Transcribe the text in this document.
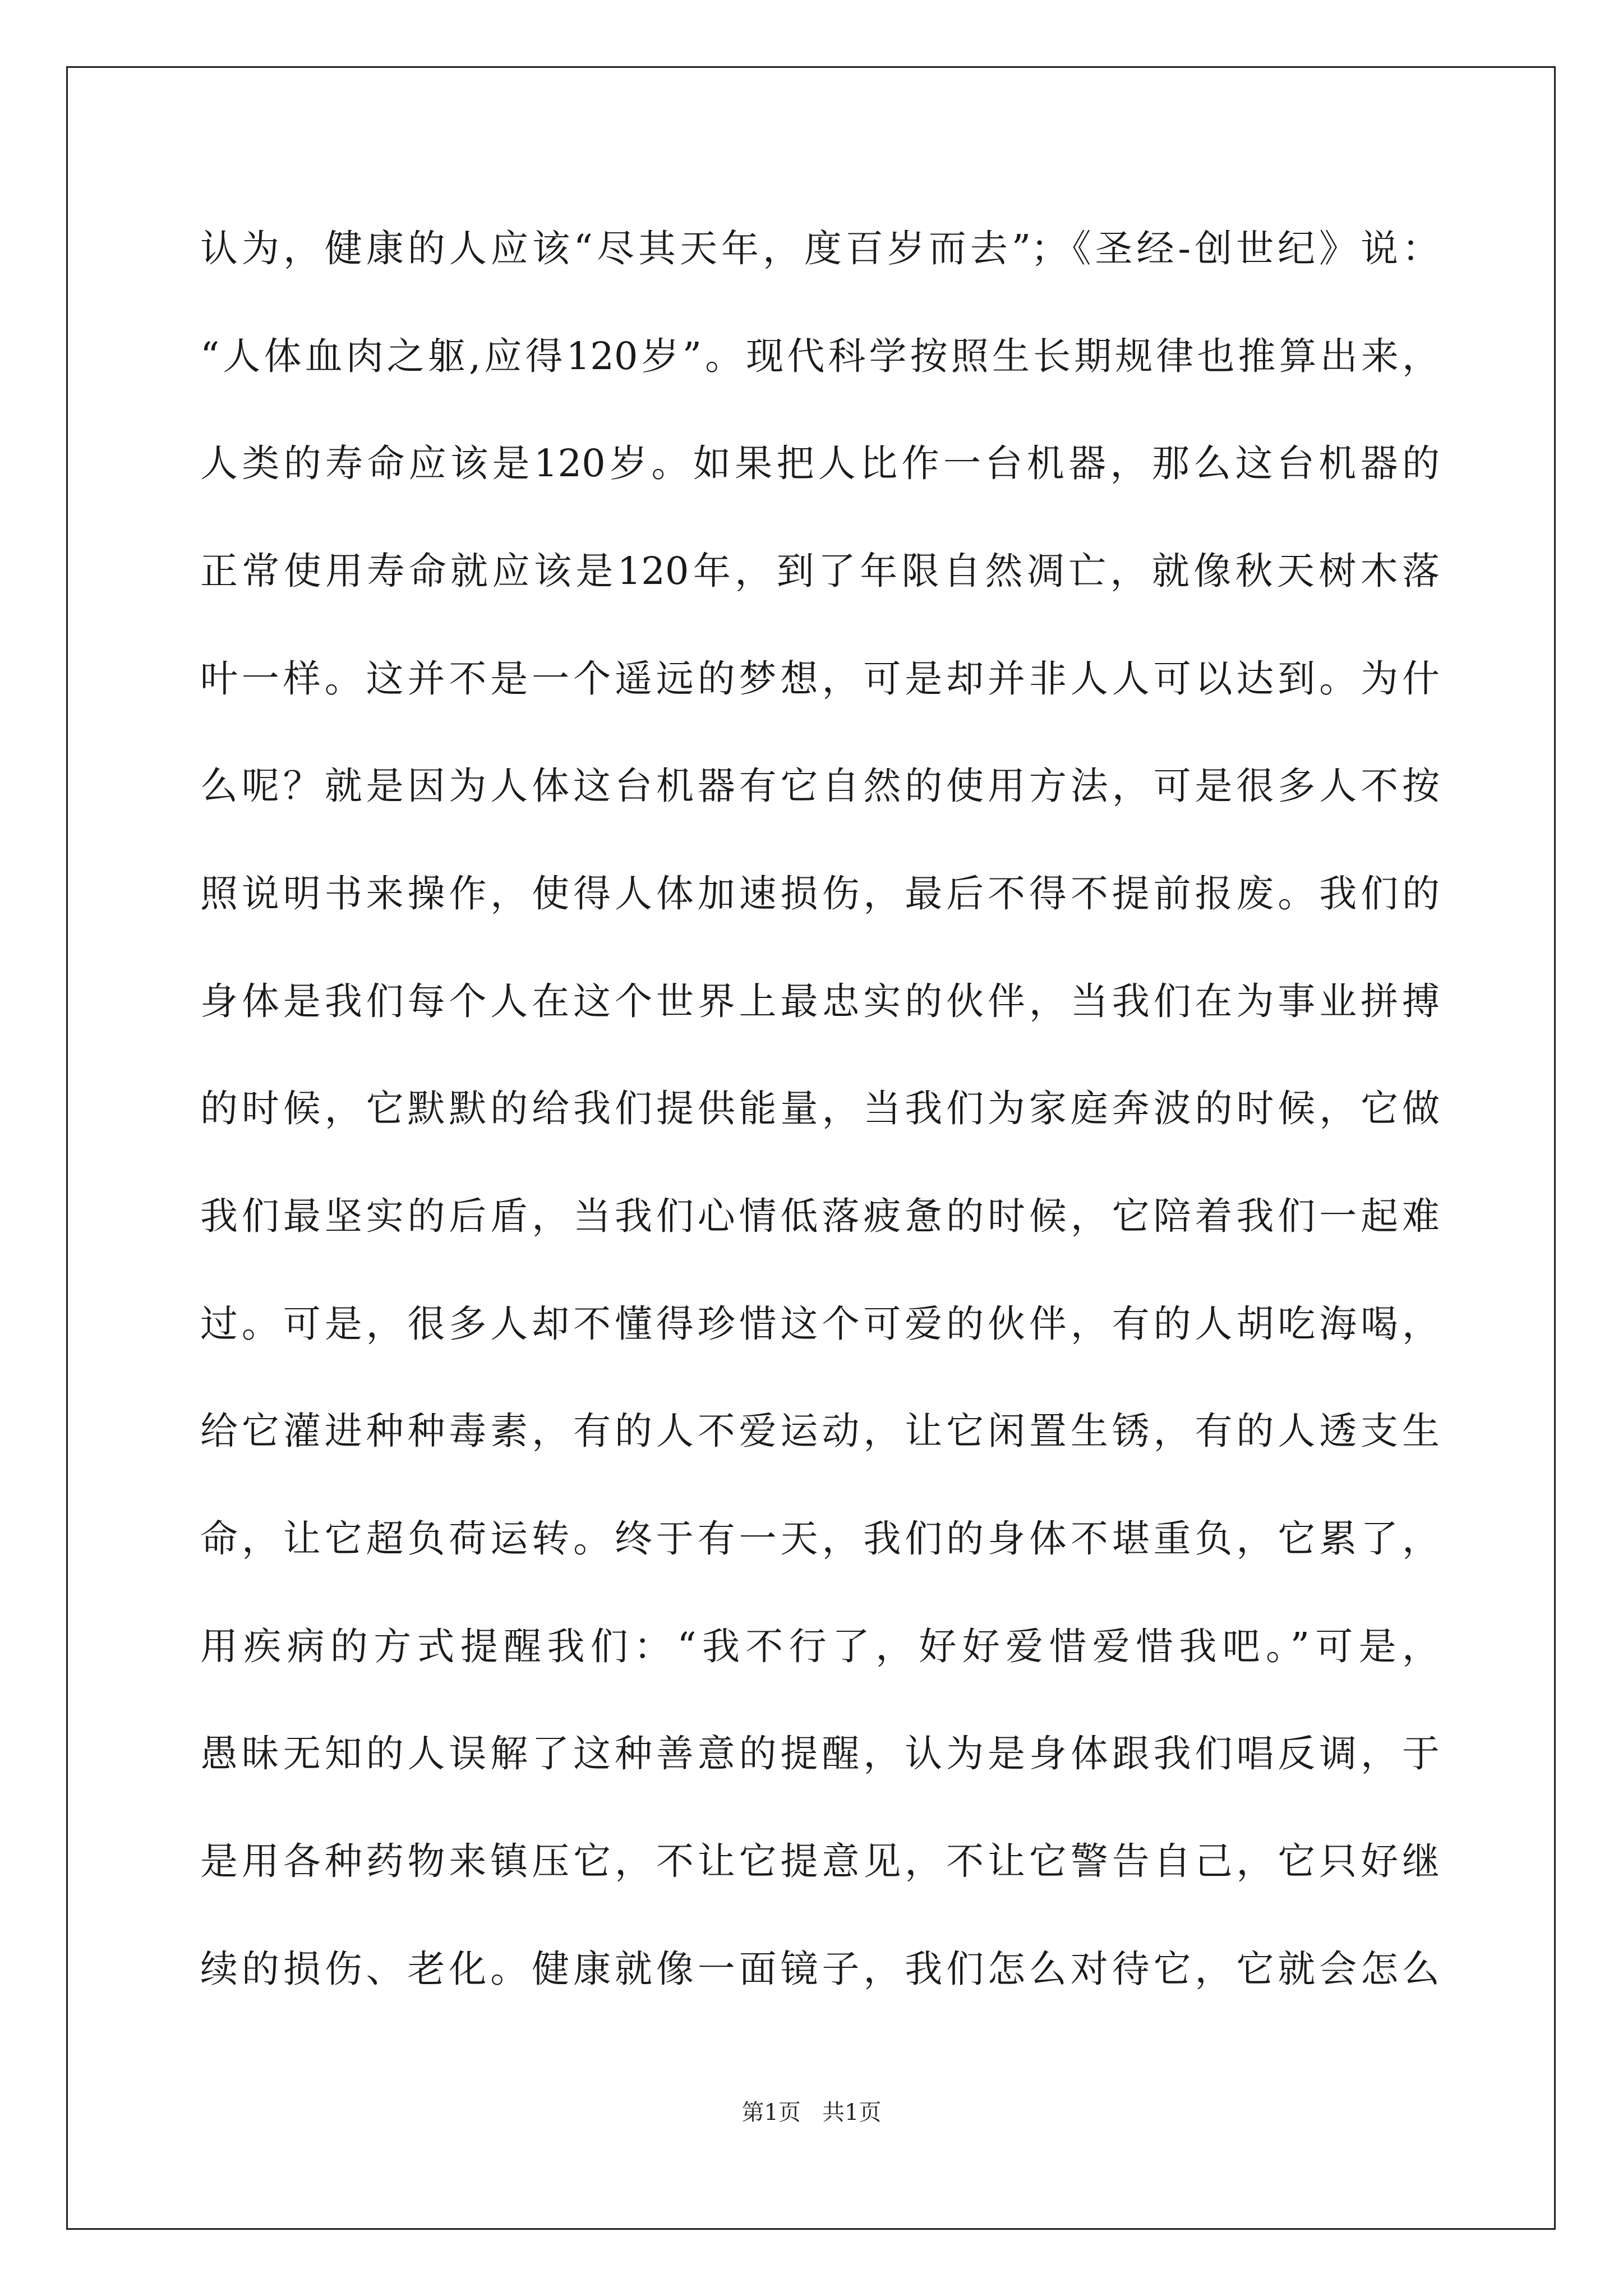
认为，健康的人应该“尽其天年，度百岁而去”；《圣经-创世纪》说：
“人体血肉之躯,应得120岁”。现代科学按照生长期规律也推算出来，
人类的寿命应该是120岁。如果把人比作一台机器，那么这台机器的
正常使用寿命就应该是120年，到了年限自然凋亡，就像秋天树木落
叶一样。这并不是一个遥远的梦想，可是却并非人人可以达到。为什
么呢？就是因为人体这台机器有它自然的使用方法，可是很多人不按
照说明书来操作，使得人体加速损伤，最后不得不提前报废。我们的
身体是我们每个人在这个世界上最忠实的伙伴，当我们在为事业拼搏
的时候，它默默的给我们提供能量，当我们为家庭奔波的时候，它做
我们最坚实的后盾，当我们心情低落疲惫的时候，它陪着我们一起难
过。可是，很多人却不懂得珍惜这个可爱的伙伴，有的人胡吃海喝，
给它灌进种种毒素，有的人不爱运动，让它闲置生锈，有的人透支生
命，让它超负荷运转。终于有一天，我们的身体不堪重负，它累了，
用疾病的方式提醒我们：“我不行了，好好爱惜爱惜我吧。”可是，
愚昧无知的人误解了这种善意的提醒，认为是身体跟我们唱反调，于
是用各种药物来镇压它，不让它提意见，不让它警告自己，它只好继
续的损伤、老化。健康就像一面镜子，我们怎么对待它，它就会怎么
第1页   共1页
